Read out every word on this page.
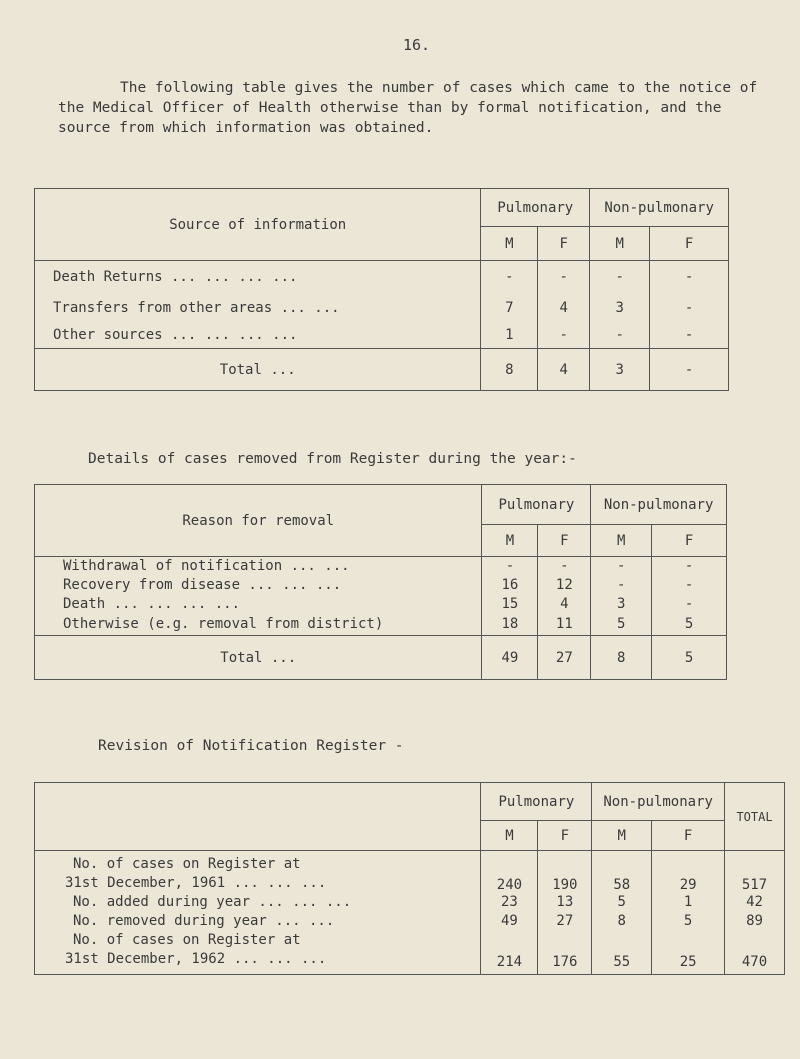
16.

The following table gives the number of cases which came to the notice of the Medical Officer of Health otherwise than by formal notification, and the source from which information was obtained.

Source of information	Pulmonary		Non-pulmonary	
	M	F	M	F
Death Returns ... ... ... ...	-	-	-	-
Transfers from other areas ... ...	7	4	3	-
Other sources ... ... ... ...	1	-	-	-
Total ...	8	4	3	-
Details of cases removed from Register during the year:-
Reason for removal	Pulmonary		Non-pulmonary	
	M	F	M	F
Withdrawal of notification ... ...	-	-	-	-
Recovery from disease ... ... ...	16	12	-	-
Death ... ... ... ...	15	4	3	-
Otherwise (e.g. removal from district)	18	11	5	5
Total ...	49	27	8	5
Revision of Notification Register -
	Pulmonary		Non-pulmonary		TOTAL
	M	F	M	F	

No. of cases on Register at
31st December, 1961 ... ... ...	240	190	58	29	517
No. added during year ... ... ...	23	13	5	1	42
No. removed during year ... ...	49	27	8	5	89

No. of cases on Register at
31st December, 1962 ... ... ...	214	176	55	25	470
